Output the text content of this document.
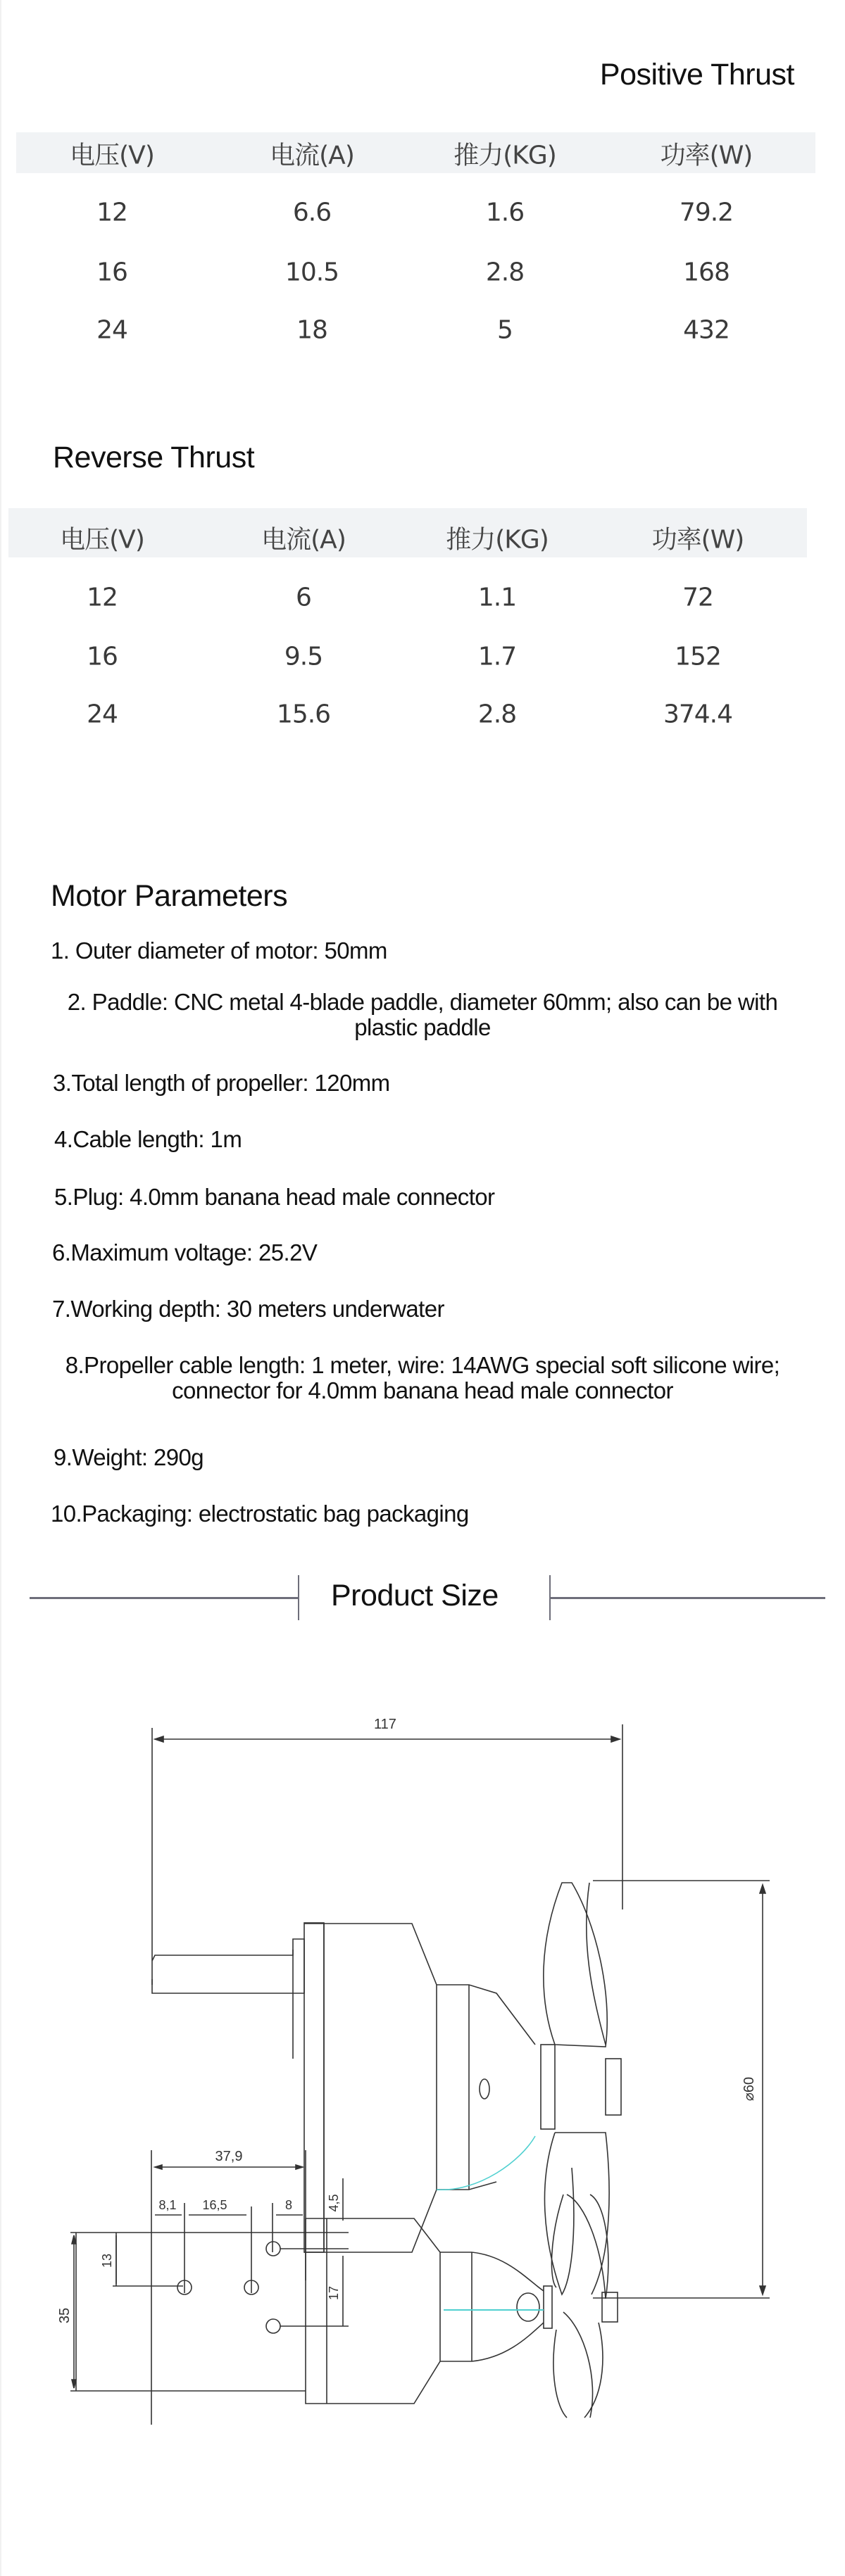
Positive Thrust
电压(V)	电流(A)	推力(KG)	功率(W)
12	6.6	1.6	79.2
16	10.5	2.8	168
24	18	5	432
Reverse Thrust
电压(V)	电流(A)	推力(KG)	功率(W)
12	6	1.1	72
16	9.5	1.7	152
24	15.6	2.8	374.4
Motor Parameters
1. Outer diameter of motor: 50mm
2. Paddle: CNC metal 4-blade paddle, diameter 60mm; also can be with plastic paddle
3.Total length of propeller: 120mm
4.Cable length: 1m
5.Plug: 4.0mm banana head male connector
6.Maximum voltage: 25.2V
7.Working depth: 30 meters underwater
8.Propeller cable length: 1 meter, wire: 14AWG special soft silicone wire; connector for 4.0mm banana head male connector
9.Weight: 290g
10.Packaging: electrostatic bag packaging
Product Size
117
⌀60
37,9
8,1 16,5	8	4,5
35
13
17
